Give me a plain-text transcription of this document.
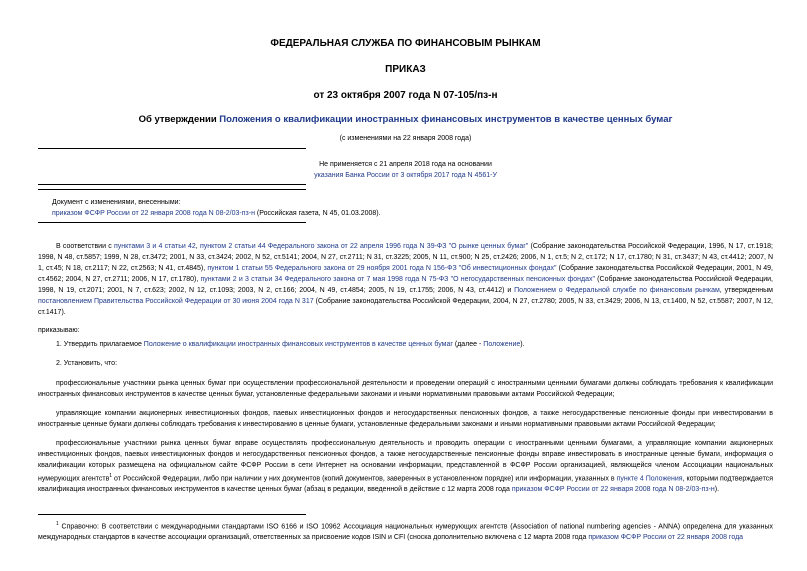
ФЕДЕРАЛЬНАЯ СЛУЖБА ПО ФИНАНСОВЫМ РЫНКАМ
ПРИКАЗ
от 23 октября 2007 года N 07-105/пз-н
Об утверждении Положения о квалификации иностранных финансовых инструментов в качестве ценных бумаг
(с изменениями на 22 января 2008 года)
Не применяется с 21 апреля 2018 года на основании
указания Банка России от 3 октября 2017 года N 4561-У
Документ с изменениями, внесенными:
приказом ФСФР России от 22 января 2008 года N 08-2/03-пз-н (Российская газета, N 45, 01.03.2008).
В соответствии с пунктами 3 и 4 статьи 42, пунктом 2 статьи 44 Федерального закона от 22 апреля 1996 года N 39-ФЗ "О рынке ценных бумаг" (Собрание законодательства Российской Федерации, 1996, N 17, ст.1918; 1998, N 48, ст.5857; 1999, N 28, ст.3472; 2001, N 33, ст.3424; 2002, N 52, ст.5141; 2004, N 27, ст.2711; N 31, ст.3225; 2005, N 11, ст.900; N 25, ст.2426; 2006, N 1, ст.5; N 2, ст.172; N 17, ст.1780; N 31, ст.3437; N 43, ст.4412; 2007, N 1, ст.45; N 18, ст.2117; N 22, ст.2563; N 41, ст.4845), пунктом 1 статьи 55 Федерального закона от 29 ноября 2001 года N 156-ФЗ "Об инвестиционных фондах" (Собрание законодательства Российской Федерации, 2001, N 49, ст.4562; 2004, N 27, ст.2711; 2006, N 17, ст.1780), пунктами 2 и 3 статьи 34 Федерального закона от 7 мая 1998 года N 75-ФЗ "О негосударственных пенсионных фондах" (Собрание законодательства Российской Федерации, 1998, N 19, ст.2071; 2001, N 7, ст.623; 2002, N 12, ст.1093; 2003, N 2, ст.166; 2004, N 49, ст.4854; 2005, N 19, ст.1755; 2006, N 43, ст.4412) и Положением о Федеральной службе по финансовым рынкам, утвержденным постановлением Правительства Российской Федерации от 30 июня 2004 года N 317 (Собрание законодательства Российской Федерации, 2004, N 27, ст.2780; 2005, N 33, ст.3429; 2006, N 13, ст.1400, N 52, ст.5587; 2007, N 12, ст.1417).
приказываю:
1. Утвердить прилагаемое Положение о квалификации иностранных финансовых инструментов в качестве ценных бумаг (далее - Положение).
2. Установить, что:
профессиональные участники рынка ценных бумаг при осуществлении профессиональной деятельности и проведении операций с иностранными ценными бумагами должны соблюдать требования к квалификации иностранных финансовых инструментов в качестве ценных бумаг, установленные федеральными законами и иными нормативными правовыми актами Российской Федерации;
управляющие компании акционерных инвестиционных фондов, паевых инвестиционных фондов и негосударственных пенсионных фондов, а также негосударственные пенсионные фонды при инвестировании в иностранные ценные бумаги должны соблюдать требования к инвестированию в ценные бумаги, установленные федеральными законами и иными нормативными правовыми актами Российской Федерации;
профессиональные участники рынка ценных бумаг вправе осуществлять профессиональную деятельность и проводить операции с иностранными ценными бумагами, а управляющие компании акционерных инвестиционных фондов, паевых инвестиционных фондов и негосударственных пенсионных фондов, а также негосударственные пенсионные фонды вправе инвестировать в иностранные ценные бумаги, информация о квалификации которых размещена на официальном сайте ФСФР России в сети Интернет на основании информации, представленной в ФСФР России организацией, являющейся членом Ассоциации национальных нумерующих агентств$^1$ от Российской Федерации, либо при наличии у них документов (копий документов, заверенных в установленном порядке) или информации, указанных в пункте 4 Положения, которыми подтверждается квалификация иностранных финансовых инструментов в качестве ценных бумаг (абзац в редакции, введенной в действие с 12 марта 2008 года приказом ФСФР России от 22 января 2008 года N 08-2/03-пз-н).
$^1$ Справочно: В соответствии с международными стандартами ISO 6166 и ISO 10962 Ассоциация национальных нумерующих агентств (Association of national numbering agencies - ANNA) определена для указанных международных стандартов в качестве ассоциации организаций, ответственных за присвоение кодов ISIN и CFI (сноска дополнительно включена с 12 марта 2008 года приказом ФСФР России от 22 января 2008 года
